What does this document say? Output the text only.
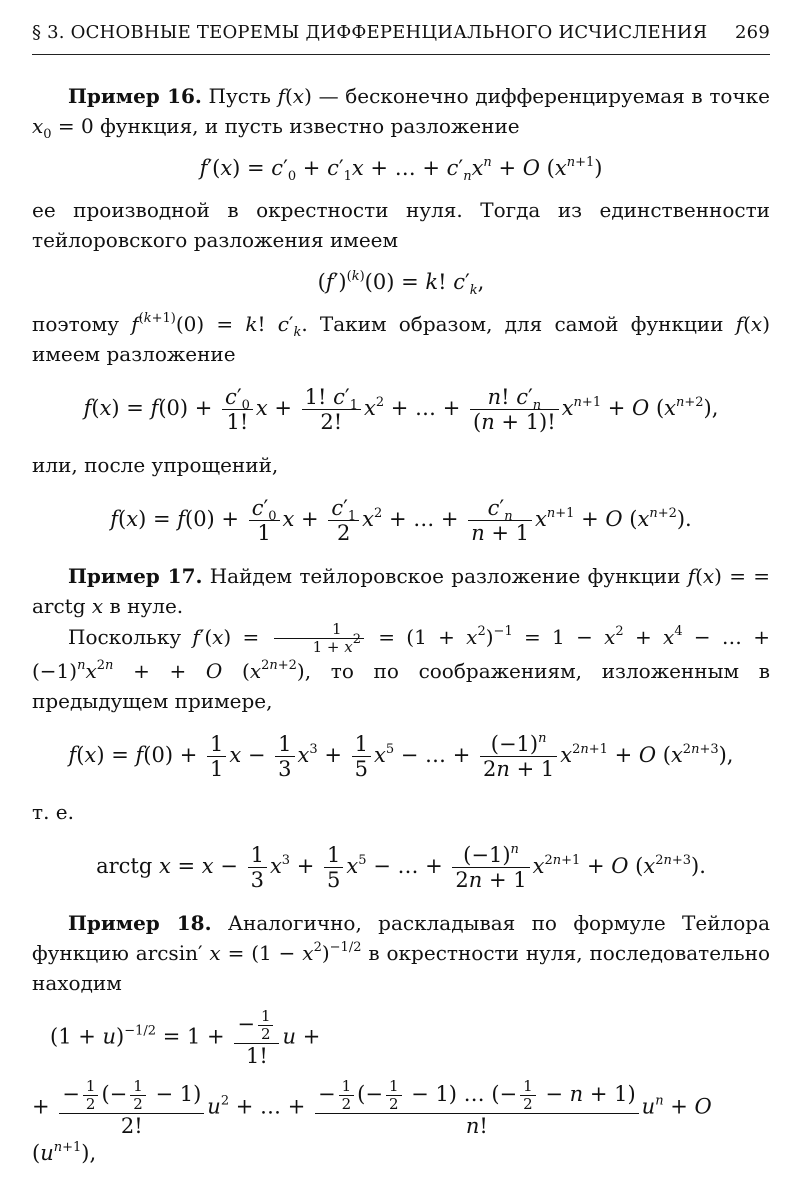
§ 3. ОСНОВНЫЕ ТЕОРЕМЫ ДИФФЕРЕНЦИАЛЬНОГО ИСЧИСЛЕНИЯ 269

Пример 16. Пусть f(x) — бесконечно дифференцируемая в точке $x_0 = 0$ функция, и пусть известно разложение

$f'(x) = c'_0 + c'_1x$ + … + $c'_nx^n + O$ $(x^{n+1})$

ее производной в окрестности нуля. Тогда из единственности тейлоровского разложения имеем

$(f')^{(k)}(0) = k$! $c'_k$,

поэтому $f^{(k+1)}(0) = k$! $c'_k$. Таким образом, для самой функции f(x) имеем разложение

$f(x) = f(0) + \frac{c'_0}{1!}$ $x + \frac{1! c'_1}{2!} x^2$ + … + $\frac{n! c'_n}{(n + 1)!} x^{n+1} + O$ $(x^{n+2})$,

или, после упрощений,

$f(x) = f(0) + \frac{c'_0}{1}$ $x + \frac{c'_1}{2} x^2$ + … + $\frac{c'_n}{n + 1} x^{n+1} + O$ $(x^{n+2})$.

Пример 17. Найдем тейлоровское разложение функции f(x) = = arctg x в нуле.

Поскольку $f'(x) = \frac{1}{1 + x^2} = (1 + x^2)^{-1} = 1 - x^2 + x^4$ − … + $(-1)^nx^{2n}$ + + O $(x^{2n+2})$, то по соображениям, изложенным в предыдущем примере,

$f(x) = f(0) + \frac{1}{1}$ $x - \frac{1}{3} x^3 + \frac{1}{5} x^5$ − … + $\frac{(-1)^n}{2n + 1} x^{2n+1} + O$ $(x^{2n+3})$,

т. е.

arctg $x = x - \frac{1}{3} x^3 + \frac{1}{5} x^5$ − … + $\frac{(-1)^n}{2n + 1} x^{2n+1} + O$ $(x^{2n+3})$.

Пример 18. Аналогично, раскладывая по формуле Тейлора функцию arcsin′ $x = (1 - x^2)^{-1/2}$ в окрестности нуля, последовательно находим

$(1 + u)^{-1/2} = 1 + \frac{- \frac{1}{2}}{1!}$ u +
+ $\frac{- \frac{1}{2} (- \frac{1}{2} - 1)}{2!} u^2$ + … + $\frac{- \frac{1}{2} (- \frac{1}{2} - 1) \dots (- \frac{1}{2} - n + 1)}{n!} u^n + O$ $(u^{n+1})$,
